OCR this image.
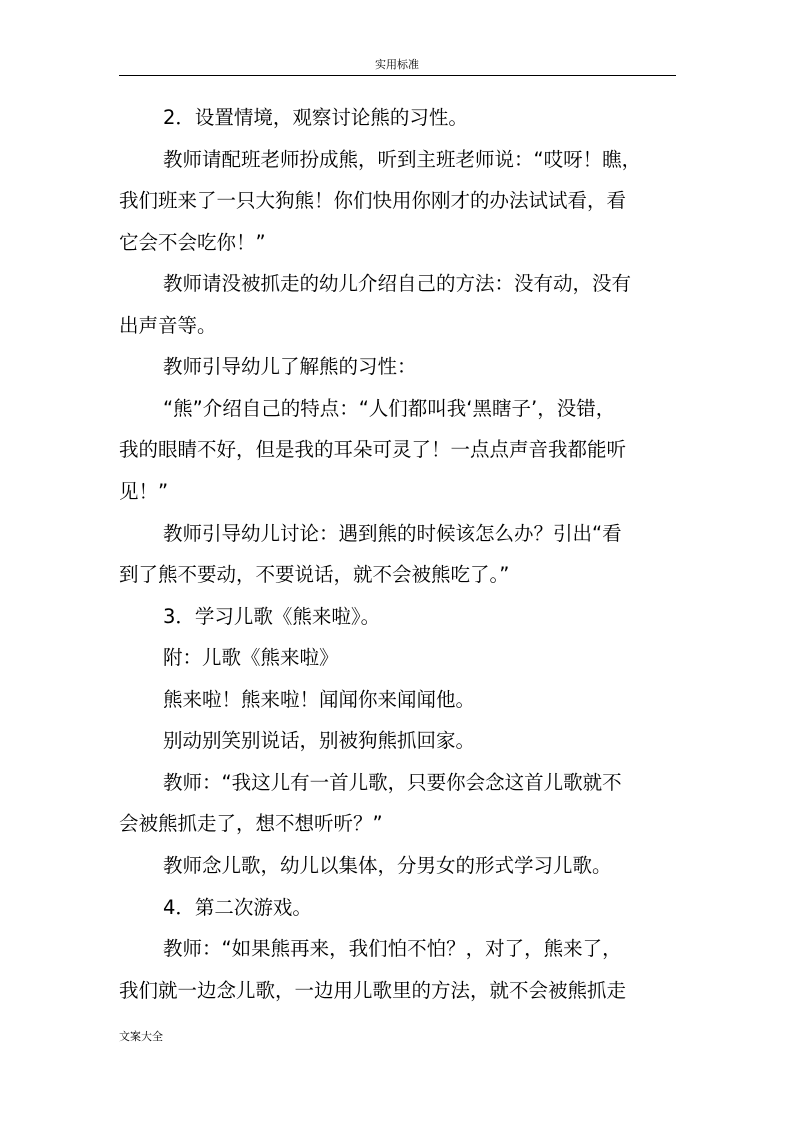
实用标准
2．设置情境，观察讨论熊的习性。
教师请配班老师扮成熊，听到主班老师说：“哎呀！瞧，
我们班来了一只大狗熊！你们快用你刚才的办法试试看，看
它会不会吃你！”
教师请没被抓走的幼儿介绍自己的方法：没有动，没有
出声音等。
教师引导幼儿了解熊的习性：
“熊”介绍自己的特点：“人们都叫我‘黑瞎子’，没错，
我的眼睛不好，但是我的耳朵可灵了！一点点声音我都能听
见！”
教师引导幼儿讨论：遇到熊的时候该怎么办？引出“看
到了熊不要动，不要说话，就不会被熊吃了。”
3．学习儿歌《熊来啦》。
附：儿歌《熊来啦》
熊来啦！熊来啦！闻闻你来闻闻他。
别动别笑别说话，别被狗熊抓回家。
教师：“我这儿有一首儿歌，只要你会念这首儿歌就不
会被熊抓走了，想不想听听？”
教师念儿歌，幼儿以集体，分男女的形式学习儿歌。
4．第二次游戏。
教师：“如果熊再来，我们怕不怕？，对了，熊来了，
我们就一边念儿歌，一边用儿歌里的方法，就不会被熊抓走
文案大全
